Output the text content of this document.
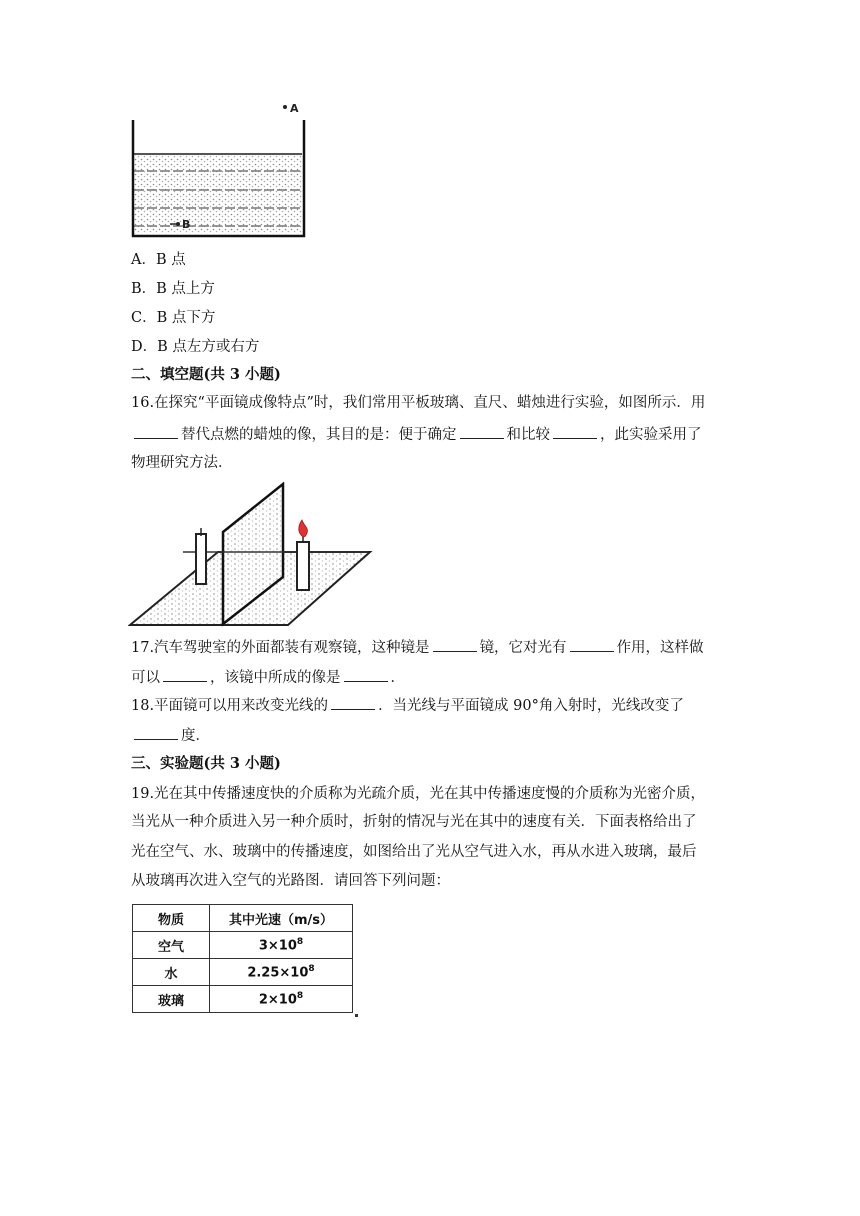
A
B
A．B 点
B．B 点上方
C．B 点下方
D．B 点左方或右方
二、填空题(共 3 小题)
16.在探究“平面镜成像特点”时，我们常用平板玻璃、直尺、蜡烛进行实验，如图所示．用
替代点燃的蜡烛的像，其目的是：便于确定	和比较	，此实验采用了
物理研究方法．
17.汽车驾驶室的外面都装有观察镜，这种镜是	镜，它对光有	作用，这样做
可以	，该镜中所成的像是	．
18.平面镜可以用来改变光线的	．当光线与平面镜成 90°角入射时，光线改变了
度．
三、实验题(共 3 小题)
19.光在其中传播速度快的介质称为光疏介质，光在其中传播速度慢的介质称为光密介质，
当光从一种介质进入另一种介质时，折射的情况与光在其中的速度有关．下面表格给出了
光在空气、水、玻璃中的传播速度，如图给出了光从空气进入水，再从水进入玻璃，最后
从玻璃再次进入空气的光路图．请回答下列问题：
物质	其中光速（m/s）
空气	$3\times 10^8$
水	$2.25\times 10^8$
玻璃	$2\times 10^8$
